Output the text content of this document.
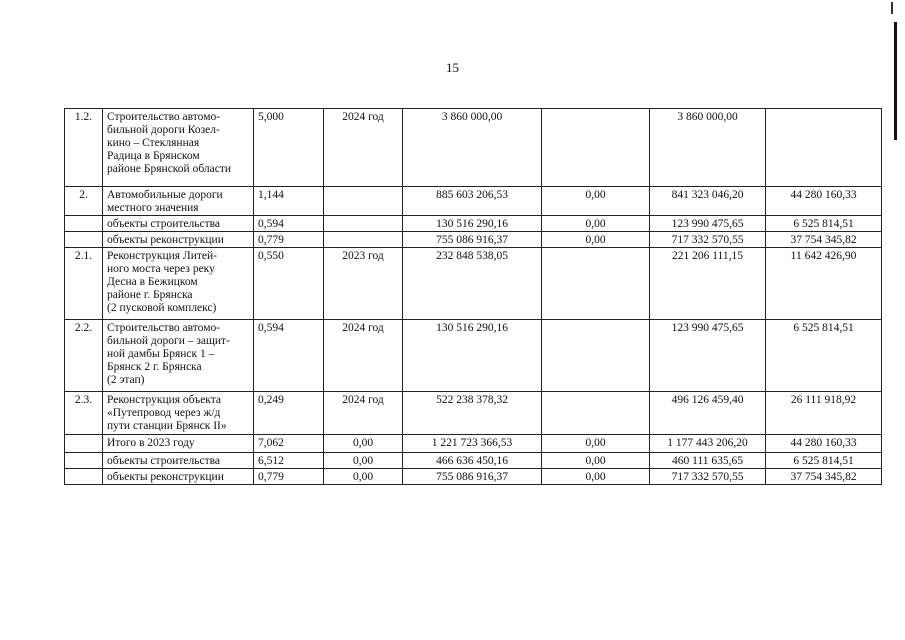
15
1.2.	Строительство автомо-
бильной дороги Козел-
кино – Стеклянная
Радица в Брянском
районе Брянской области	5,000	2024 год	3 860 000,00		3 860 000,00	
2.	Автомобильные дороги
местного значения	1,144		885 603 206,53	0,00	841 323 046,20	44 280 160,33
	объекты строительства	0,594		130 516 290,16	0,00	123 990 475,65	6 525 814,51
	объекты реконструкции	0,779		755 086 916,37	0,00	717 332 570,55	37 754 345,82
2.1.	Реконструкция Литей-
ного моста через реку
Десна в Бежицком
районе г. Брянска
(2 пусковой комплекс)	0,550	2023 год	232 848 538,05		221 206 111,15	11 642 426,90
2.2.	Строительство автомо-
бильной дороги – защит-
ной дамбы Брянск 1 –
Брянск 2 г. Брянска
(2 этап)	0,594	2024 год	130 516 290,16		123 990 475,65	6 525 814,51
2.3.	Реконструкция объекта
«Путепровод через ж/д
пути станции Брянск II»	0,249	2024 год	522 238 378,32		496 126 459,40	26 111 918,92
	Итого в 2023 году	7,062	0,00	1 221 723 366,53	0,00	1 177 443 206,20	44 280 160,33
	объекты строительства	6,512	0,00	466 636 450,16	0,00	460 111 635,65	6 525 814,51
	объекты реконструкции	0,779	0,00	755 086 916,37	0,00	717 332 570,55	37 754 345,82
